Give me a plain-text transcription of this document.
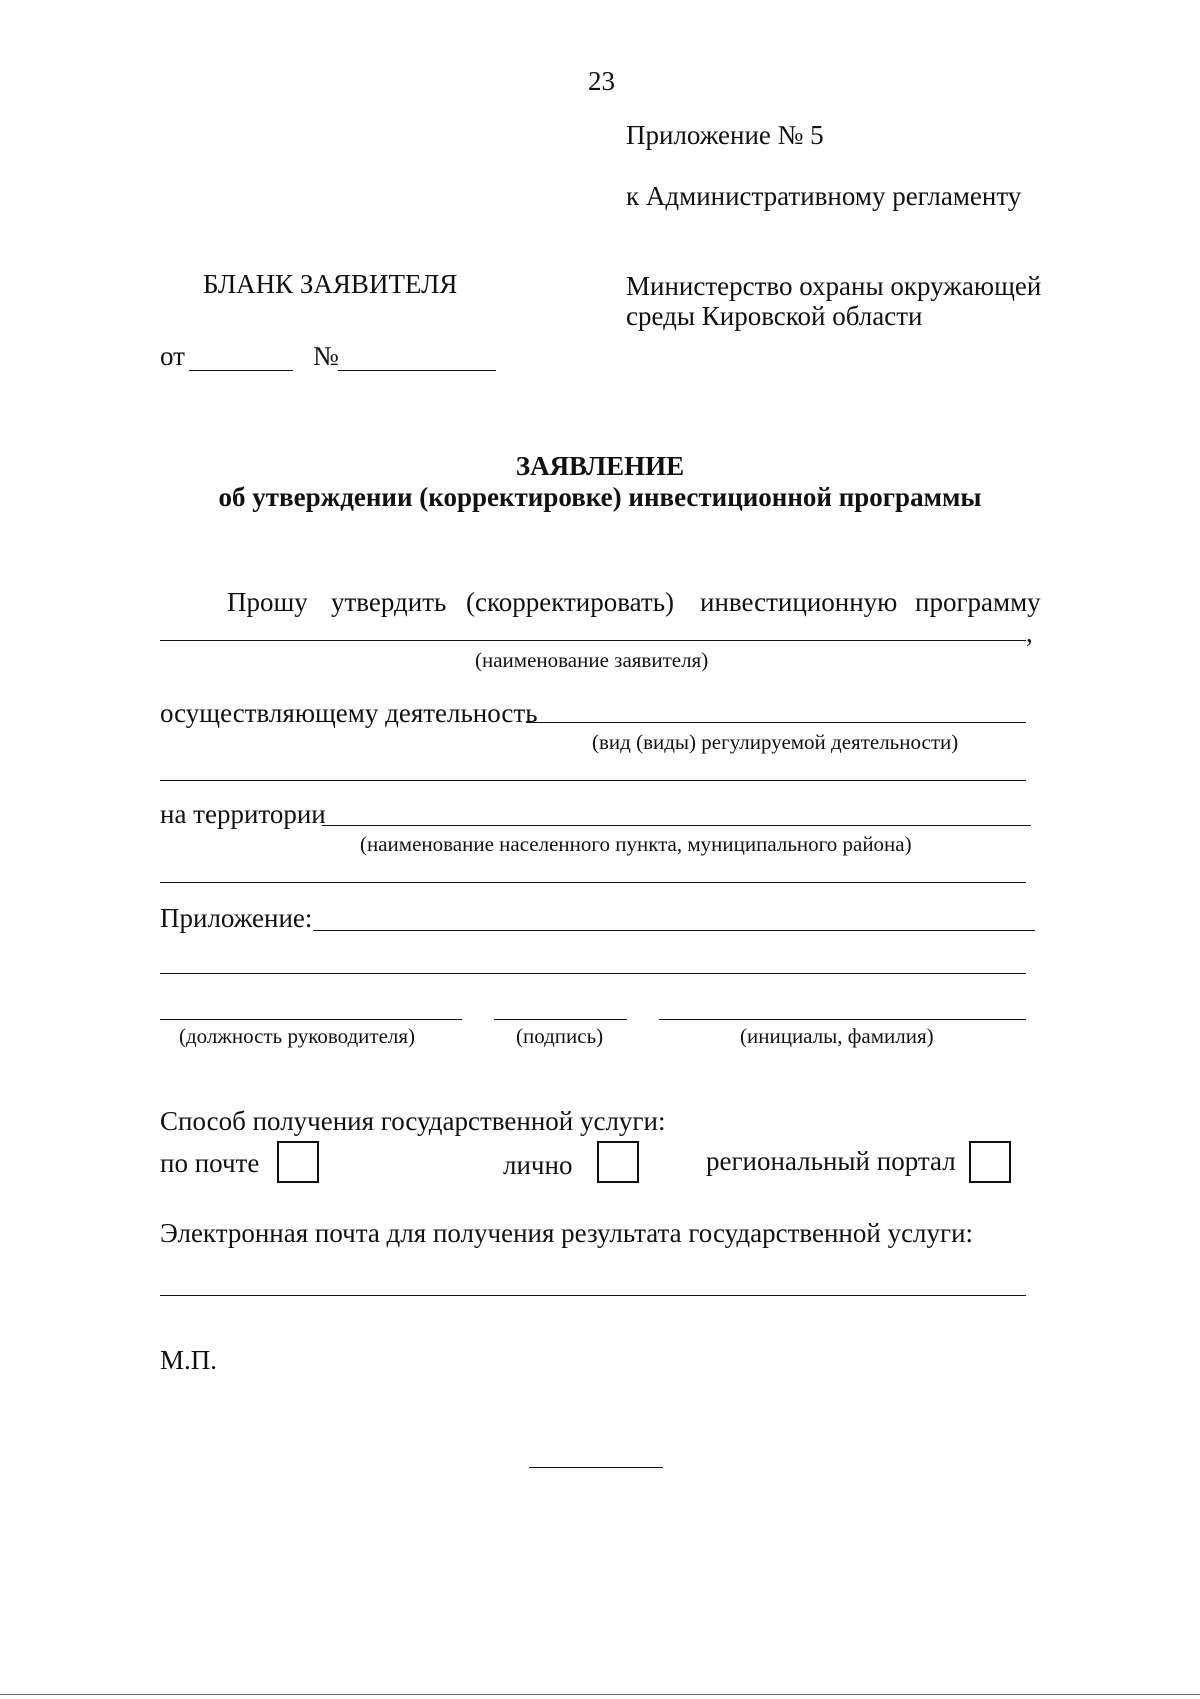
23
Приложение № 5
к Административному регламенту
БЛАНК ЗАЯВИТЕЛЯ	Министерство охраны окружающей
среды Кировской области
от	№
ЗАЯВЛЕНИЕ
об утверждении (корректировке) инвестиционной программы
Прошу утвердить (скорректировать) инвестиционную программу
,
(наименование заявителя)
осуществляющему деятельность
(вид (виды) регулируемой деятельности)
на территории
(наименование населенного пункта, муниципального района)
Приложение:
(должность руководителя)	(подпись)	(инициалы, фамилия)
Способ получения государственной услуги:
по почте	лично	региональный портал
Электронная почта для получения результата государственной услуги:
М.П.
